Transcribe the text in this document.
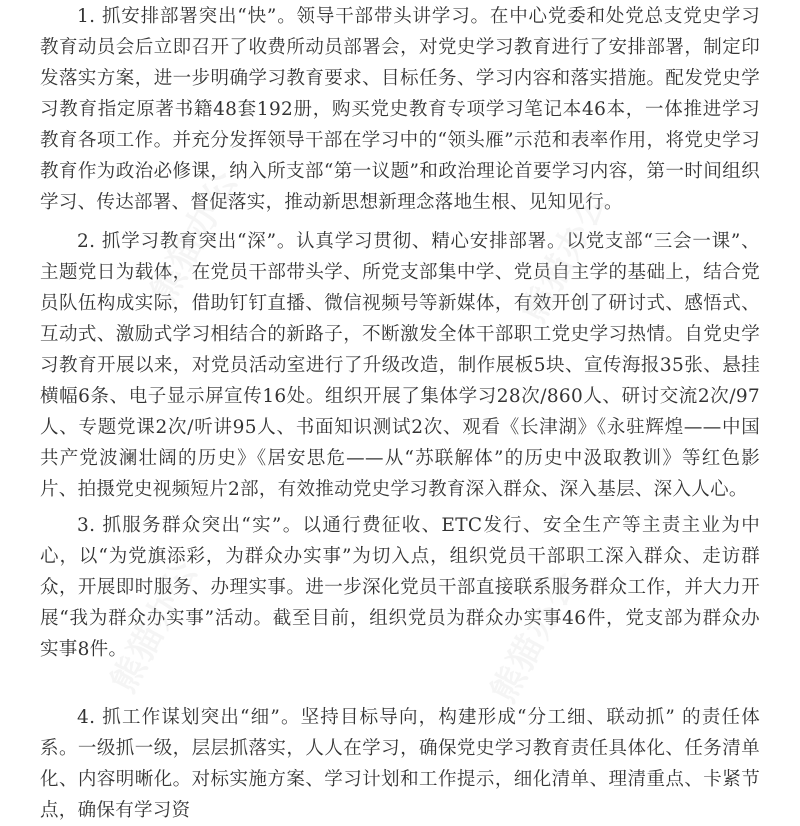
1. 抓安排部署突出“快”。领导干部带头讲学习。在中心党委和处党总支党史学习教育动员会后立即召开了收费所动员部署会，对党史学习教育进行了安排部署，制定印发落实方案，进一步明确学习教育要求、目标任务、学习内容和落实措施。配发党史学习教育指定原著书籍48套192册，购买党史教育专项学习笔记本46本，一体推进学习教育各项工作。并充分发挥领导干部在学习中的“领头雁”示范和表率作用，将党史学习教育作为政治必修课，纳入所支部“第一议题”和政治理论首要学习内容，第一时间组织学习、传达部署、督促落实，推动新思想新理念落地生根、见知见行。

2. 抓学习教育突出“深”。认真学习贯彻、精心安排部署。以党支部“三会一课”、主题党日为载体，在党员干部带头学、所党支部集中学、党员自主学的基础上，结合党员队伍构成实际，借助钉钉直播、微信视频号等新媒体，有效开创了研讨式、感悟式、互动式、激励式学习相结合的新路子，不断激发全体干部职工党史学习热情。自党史学习教育开展以来，对党员活动室进行了升级改造，制作展板5块、宣传海报35张、悬挂横幅6条、电子显示屏宣传16处。组织开展了集体学习28次/860人、研讨交流2次/97人、专题党课2次/听讲95人、书面知识测试2次、观看《长津湖》《永驻辉煌——中国共产党波澜壮阔的历史》《居安思危——从“苏联解体”的历史中汲取教训》等红色影片、拍摄党史视频短片2部，有效推动党史学习教育深入群众、深入基层、深入人心。

3. 抓服务群众突出“实”。以通行费征收、ETC发行、安全生产等主责主业为中心，以“为党旗添彩，为群众办实事”为切入点，组织党员干部职工深入群众、走访群众，开展即时服务、办理实事。进一步深化党员干部直接联系服务群众工作，并大力开展“我为群众办实事”活动。截至目前，组织党员为群众办实事46件，党支部为群众办实事8件。

4. 抓工作谋划突出“细”。坚持目标导向，构建形成“分工细、联动抓” 的责任体系。一级抓一级，层层抓落实，人人在学习，确保党史学习教育责任具体化、任务清单化、内容明晰化。对标实施方案、学习计划和工作提示，细化清单、理清重点、卡紧节点，确保有学习资

熊猫办公	熊猫办公
熊猫办公	熊猫办公
